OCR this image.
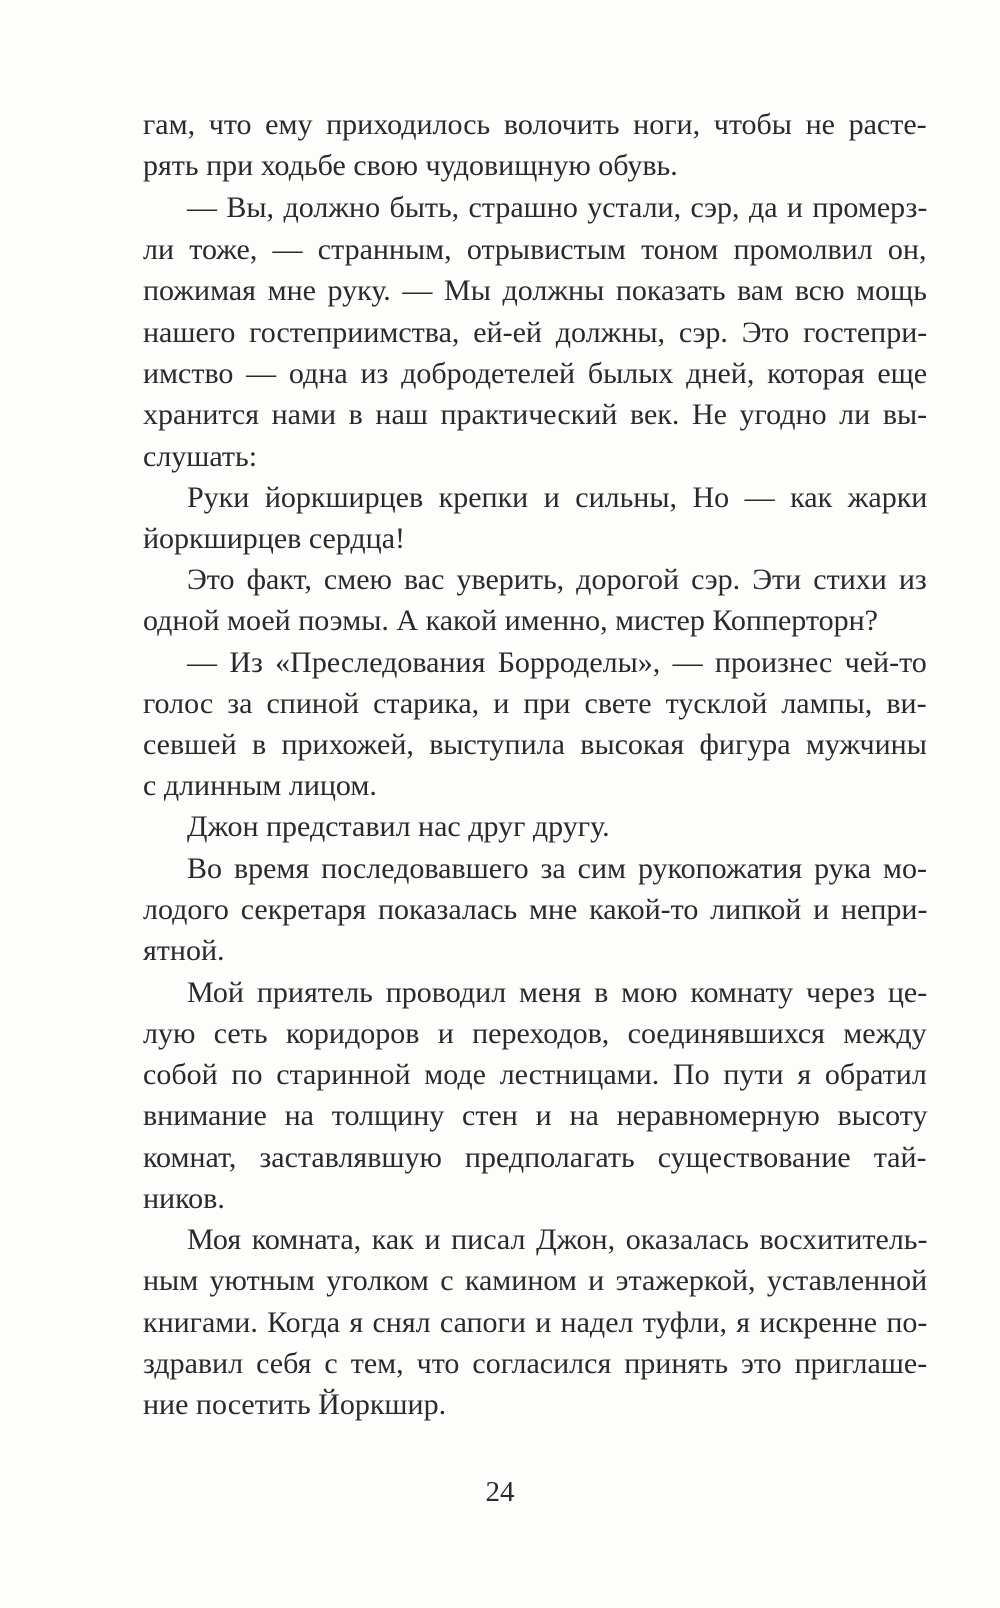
гам, что ему приходилось волочить ноги, чтобы не расте-
рять при ходьбе свою чудовищную обувь.
— Вы, должно быть, страшно устали, сэр, да и промерз-
ли тоже, — странным, отрывистым тоном промолвил он,
пожимая мне руку. — Мы должны показать вам всю мощь
нашего гостеприимства, ей-ей должны, сэр. Это гостепри-
имство — одна из добродетелей былых дней, которая еще
хранится нами в наш практический век. Не угодно ли вы-
слушать:
Руки йоркширцев крепки и сильны, Но — как жарки
йоркширцев сердца!
Это факт, смею вас уверить, дорогой сэр. Эти стихи из
одной моей поэмы. А какой именно, мистер Копперторн?
— Из «Преследования Борроделы», — произнес чей-то
голос за спиной старика, и при свете тусклой лампы, ви-
севшей в прихожей, выступила высокая фигура мужчины
с длинным лицом.
Джон представил нас друг другу.
Во время последовавшего за сим рукопожатия рука мо-
лодого секретаря показалась мне какой-то липкой и непри-
ятной.
Мой приятель проводил меня в мою комнату через це-
лую сеть коридоров и переходов, соединявшихся между
собой по старинной моде лестницами. По пути я обратил
внимание на толщину стен и на неравномерную высоту
комнат, заставлявшую предполагать существование тай-
ников.
Моя комната, как и писал Джон, оказалась восхититель-
ным уютным уголком с камином и этажеркой, уставленной
книгами. Когда я снял сапоги и надел туфли, я искренне по-
здравил себя с тем, что согласился принять это приглаше-
ние посетить Йоркшир.
24
